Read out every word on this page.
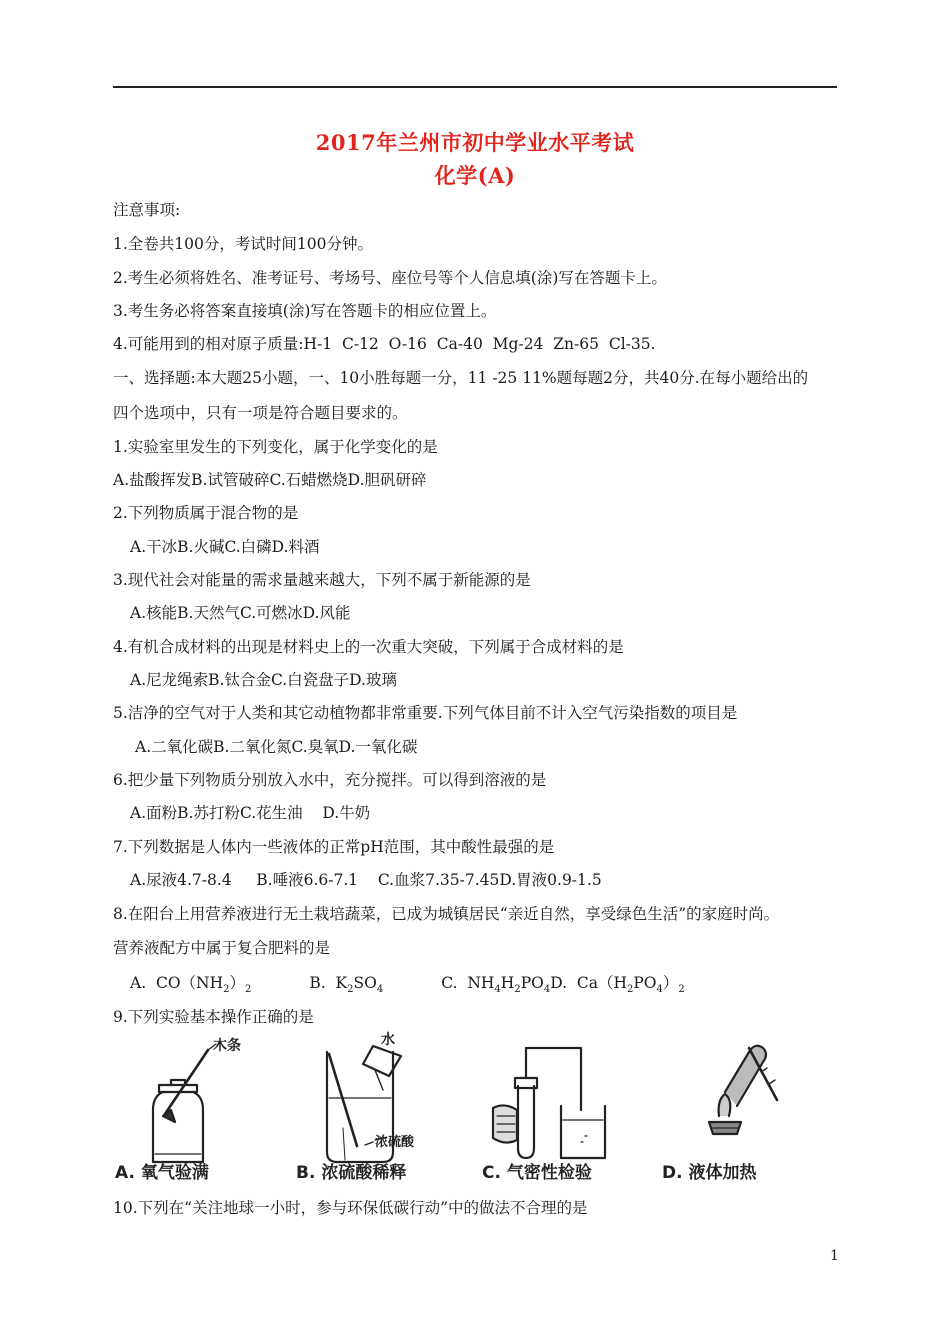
2017年兰州市初中学业水平考试
化学(A)
注意事项:
1.全卷共100分，考试时间100分钟。
2.考生必须将姓名、准考证号、考场号、座位号等个人信息填(涂)写在答题卡上。
3.考生务必将答案直接填(涂)写在答题卡的相应位置上。
4.可能用到的相对原子质量:H-1  C-12  O-16  Ca-40  Mg-24  Zn-65  Cl-35.
一、选择题:本大题25小题，一、10小胜每题一分，11 -25 11%题每题2分，共40分.在每小题给出的
四个选项中，只有一项是符合题目要求的。
1.实验室里发生的下列变化，属于化学变化的是
A.盐酸挥发B.试管破碎C.石蜡燃烧D.胆矾研碎
2.下列物质属于混合物的是
A.干冰B.火碱C.白磷D.料酒
3.现代社会对能量的需求量越来越大，下列不属于新能源的是
A.核能B.天然气C.可燃冰D.风能
4.有机合成材料的出现是材料史上的一次重大突破，下列属于合成材料的是
A.尼龙绳索B.钛合金C.白瓷盘子D.玻璃
5.洁净的空气对于人类和其它动植物都非常重要.下列气体目前不计入空气污染指数的项目是
A.二氧化碳B.二氧化氮C.臭氧D.一氧化碳
6.把少量下列物质分别放入水中，充分搅拌。可以得到溶液的是
A.面粉B.苏打粉C.花生油    D.牛奶
7.下列数据是人体内一些液体的正常pH范围，其中酸性最强的是
A.尿液4.7-8.4     B.唾液6.6-7.1    C.血浆7.35-7.45D.胃液0.9-1.5
8.在阳台上用营养液进行无土栽培蔬菜，已成为城镇居民“亲近自然，享受绿色生活”的家庭时尚。
营养液配方中属于复合肥料的是
A.  $CO(NH_2)_2$	B.  $K_2SO_4$	C.  $NH_4H_2PO_4D$.  $Ca(H_2PO_4)_2$
9.下列实验基本操作正确的是
木条	水
浓硫酸
A. 氧气验满	B. 浓硫酸稀释	C. 气密性检验	D. 液体加热
10.下列在“关注地球一小时，参与环保低碳行动”中的做法不合理的是
1
